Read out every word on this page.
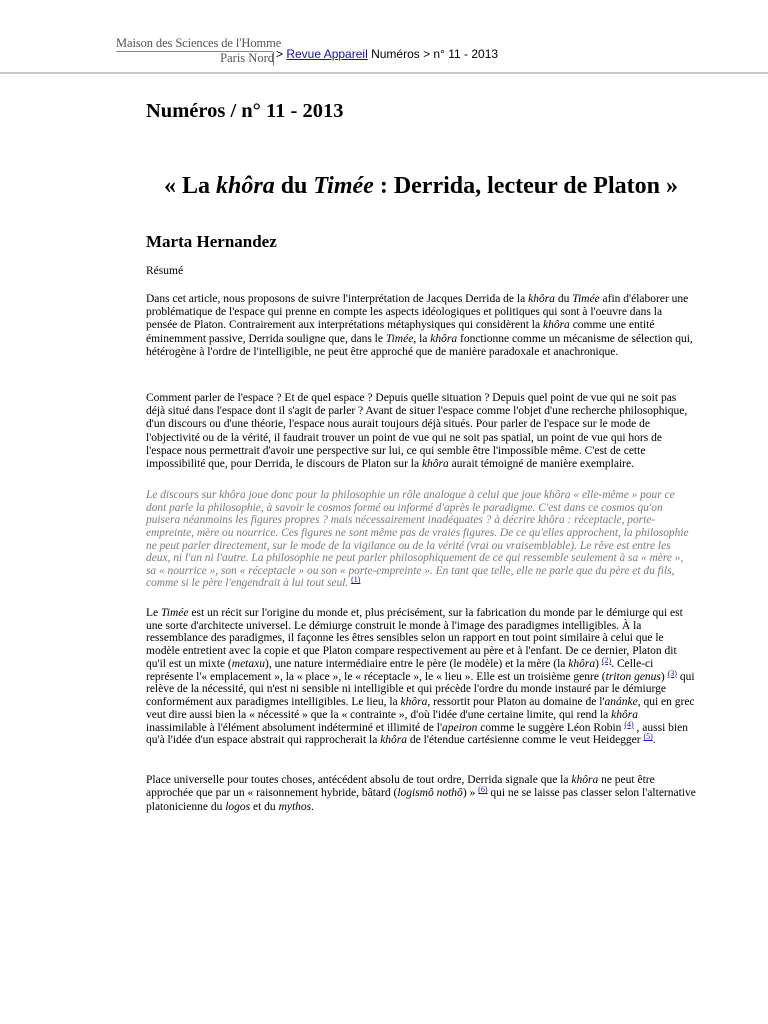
Maison des Sciences de l'Homme
Paris Nord > Revue Appareil Numéros > n° 11 - 2013
Numéros / n° 11 - 2013
« La khôra du Timée : Derrida, lecteur de Platon »
Marta Hernandez
Résumé

Dans cet article, nous proposons de suivre l'interprétation de Jacques Derrida de la khôra du Timée afin d'élaborer une problématique de l'espace qui prenne en compte les aspects idéologiques et politiques qui sont à l'oeuvre dans la pensée de Platon. Contrairement aux interprétations métaphysiques qui considèrent la khôra comme une entité éminemment passive, Derrida souligne que, dans le Timée, la khôra fonctionne comme un mécanisme de sélection qui, hétérogène à l'ordre de l'intelligible, ne peut être approché que de manière paradoxale et anachronique.

Comment parler de l'espace ? Et de quel espace ? Depuis quelle situation ? Depuis quel point de vue qui ne soit pas déjà situé dans l'espace dont il s'agit de parler ? Avant de situer l'espace comme l'objet d'une recherche philosophique, d'un discours ou d'une théorie, l'espace nous aurait toujours déjà situés. Pour parler de l'espace sur le mode de l'objectivité ou de la vérité, il faudrait trouver un point de vue qui ne soit pas spatial, un point de vue qui hors de l'espace nous permettrait d'avoir une perspective sur lui, ce qui semble être l'impossible même. C'est de cette impossibilité que, pour Derrida, le discours de Platon sur la khôra aurait témoigné de manière exemplaire.

Le discours sur khôra joue donc pour la philosophie un rôle analogue à celui que joue khôra « elle-même » pour ce dont parle la philosophie, à savoir le cosmos formé ou informé d'après le paradigme. C'est dans ce cosmos qu'on puisera néanmoins les figures propres ? mais nécessairement inadéquates ? à décrire khôra : réceptacle, porte-empreinte, mère ou nourrice. Ces figures ne sont même pas de vraies figures. De ce qu'elles approchent, la philosophie ne peut parler directement, sur le mode de la vigilance ou de la vérité (vrai ou vraisemblable). Le rêve est entre les deux, ni l'un ni l'autre. La philosophie ne peut parler philosophiquement de ce qui ressemble seulement à sa « mère », sa « nourrice », son « réceptacle » ou son « porte-empreinte ». En tant que telle, elle ne parle que du père et du fils, comme si le père l'engendrait à lui tout seul. $^{(1)}$

Le Timée est un récit sur l'origine du monde et, plus précisément, sur la fabrication du monde par le démiurge qui est une sorte d'architecte universel. Le démiurge construit le monde à l'image des paradigmes intelligibles. À la ressemblance des paradigmes, il façonne les êtres sensibles selon un rapport en tout point similaire à celui que le modèle entretient avec la copie et que Platon compare respectivement au père et à l'enfant. De ce dernier, Platon dit qu'il est un mixte (metaxu), une nature intermédiaire entre le père (le modèle) et la mère (la khôra) $^{(2)}$. Celle-ci représente l'« emplacement », la « place », le « réceptacle », le « lieu ». Elle est un troisième genre (triton genus) $^{(3)}$ qui relève de la nécessité, qui n'est ni sensible ni intelligible et qui précède l'ordre du monde instauré par le démiurge conformément aux paradigmes intelligibles. Le lieu, la khôra, ressortit pour Platon au domaine de l'anánke, qui en grec veut dire aussi bien la « nécessité » que la « contrainte », d'où l'idée d'une certaine limite, qui rend la khôra inassimilable à l'élément absolument indéterminé et illimité de l'apeiron comme le suggère Léon Robin $^{(4)}$ , aussi bien qu'à l'idée d'un espace abstrait qui rapprocherait la khôra de l'étendue cartésienne comme le veut Heidegger $^{(5)}$.

Place universelle pour toutes choses, antécédent absolu de tout ordre, Derrida signale que la khôra ne peut être approchée que par un « raisonnement hybride, bâtard (logismô nothô) » $^{(6)}$ qui ne se laisse pas classer selon l'alternative platonicienne du logos et du mythos.
